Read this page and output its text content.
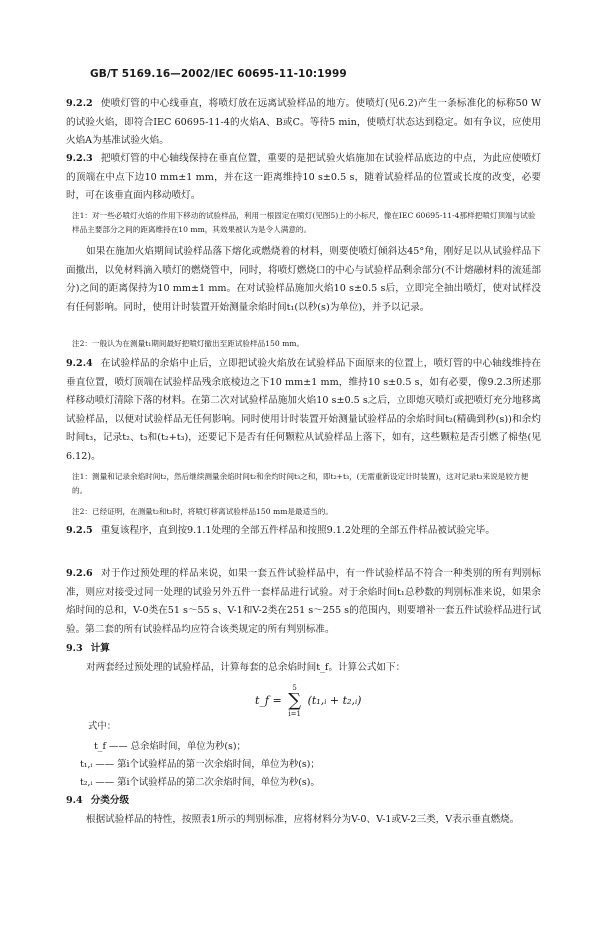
GB/T 5169.16—2002/IEC 60695-11-10:1999
9.2.2 使喷灯管的中心线垂直，将喷灯放在远离试验样品的地方。使喷灯(见6.2)产生一条标准化的标称50 W的试验火焰，即符合IEC 60695-11-4的火焰A、B或C。等待5 min，使喷灯状态达到稳定。如有争议，应使用火焰A为基准试验火焰。
9.2.3 把喷灯管的中心轴线保持在垂直位置，重要的是把试验火焰施加在试验样品底边的中点，为此应使喷灯的顶端在中点下边10 mm±1 mm，并在这一距离维持10 s±0.5 s，随着试验样品的位置或长度的改变，必要时，可在该垂直面内移动喷灯。
注1：对一些必喷灯火焰的作用下移动的试验样品，利用一根固定在喷灯(见图5)上的小标尺，像在IEC 60695-11-4那样把喷灯顶端与试验样品主要部分之间的距离维持在10 mm，其效果被认为是令人满意的。
如果在施加火焰期间试验样品落下熔化或燃烧着的材料，则要使喷灯倾斜达45°角，刚好足以从试验样品下面撤出，以免材料滴入喷灯的燃烧管中，同时，将喷灯燃烧口的中心与试验样品剩余部分(不计熔融材料的流延部分)之间的距离保持为10 mm±1 mm。在对试验样品施加火焰10 s±0.5 s后，立即完全抽出喷灯，使对试样没有任何影响。同时，使用计时装置开始测量余焰时间t₁(以秒(s)为单位)，并予以记录。
注2：一般认为在测量t₁期间最好把喷灯撤出至距试验样品150 mm。
9.2.4 在试验样品的余焰中止后，立即把试验火焰放在试验样品下面原来的位置上，喷灯管的中心轴线维持在垂直位置，喷灯顶端在试验样品残余底棱边之下10 mm±1 mm，维持10 s±0.5 s，如有必要，像9.2.3所述那样移动喷灯清除下落的材料。在第二次对试验样品施加火焰10 s±0.5 s之后，立即熄灭喷灯或把喷灯充分地移离试验样品，以便对试验样品无任何影响。同时使用计时装置开始测量试验样品的余焰时间t₂(精确到秒(s))和余灼时间t₃，记录t₂、t₃和(t₂+t₃)，还要记下是否有任何颗粒从试验样品上落下，如有，这些颗粒是否引燃了棉垫(见6.12)。
注1：测量和记录余焰时间t₂，然后继续测量余焰时间t₂和余灼时间t₃之和，即t₂+t₃，(无需重新设定计时装置)，这对记录t₃来说是较方便的。
注2：已经证明，在测量t₂和t₃时，将喷灯移离试验样品150 mm是最适当的。
9.2.5 重复该程序，直到按9.1.1处理的全部五件样品和按照9.1.2处理的全部五件样品被试验完毕。
9.2.6 对于作过预处理的样品来说，如果一套五件试验样品中，有一件试验样品不符合一种类别的所有判别标准，则应对接受过同一处理的试验另外五件一套样品进行试验。对于余焰时间t₁总秒数的判别标准来说，如果余焰时间的总和，V-0类在51 s～55 s、V-1和V-2类在251 s～255 s的范围内，则要增补一套五件试验样品进行试验。第二套的所有试验样品均应符合该类规定的所有判别标准。
9.3 计算
对两套经过预处理的试验样品，计算每套的总余焰时间t_f。计算公式如下：
t_f = 5
∑
i=1 (t₁,ᵢ + t₂,ᵢ)
式中：
t_f —— 总余焰时间，单位为秒(s)；
t₁,ᵢ —— 第i个试验样品的第一次余焰时间，单位为秒(s)；
t₂,ᵢ —— 第i个试验样品的第二次余焰时间，单位为秒(s)。
9.4 分类分级
根据试验样品的特性，按照表1所示的判别标准，应将材料分为V-0、V-1或V-2三类，V表示垂直燃烧。
